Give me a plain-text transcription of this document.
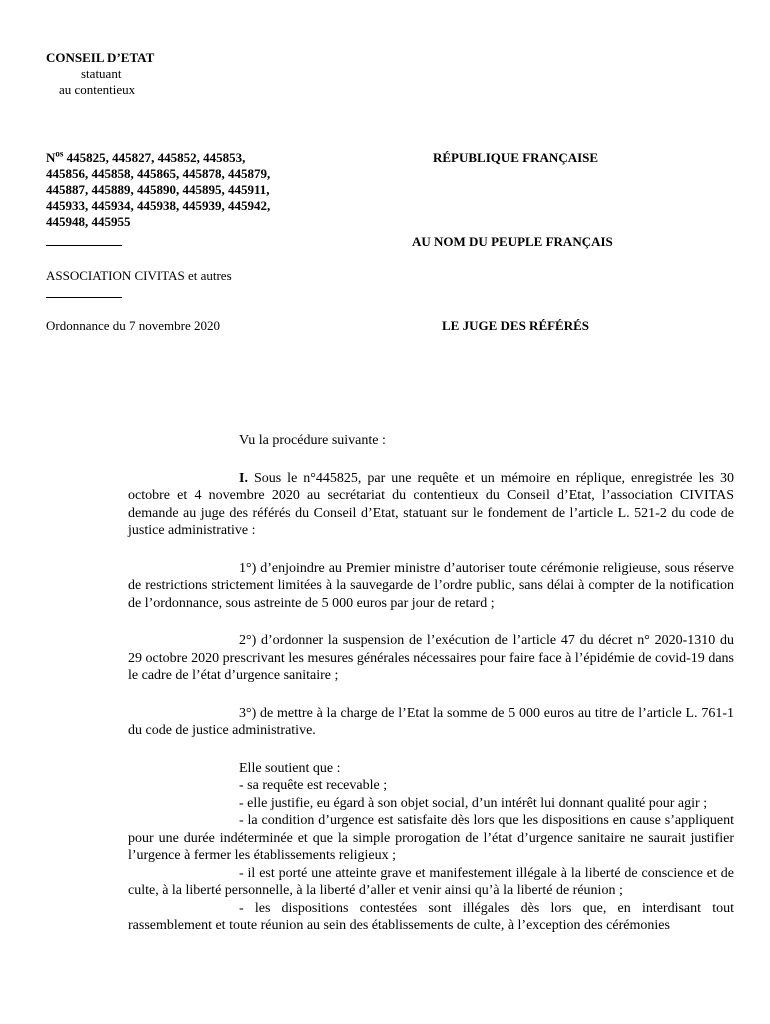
CONSEIL D’ETAT
statuant
au contentieux
$N^{os}$ 445825, 445827, 445852, 445853,
445856, 445858, 445865, 445878, 445879,
445887, 445889, 445890, 445895, 445911,
445933, 445934, 445938, 445939, 445942,
445948, 445955
ASSOCIATION CIVITAS et autres
Ordonnance du 7 novembre 2020
RÉPUBLIQUE FRANÇAISE
AU NOM DU PEUPLE FRANÇAIS
LE JUGE DES RÉFÉRÉS

Vu la procédure suivante :

I. Sous le n°445825, par une requête et un mémoire en réplique, enregistrée les 30 octobre et 4 novembre 2020 au secrétariat du contentieux du Conseil d’Etat, l’association CIVITAS demande au juge des référés du Conseil d’Etat, statuant sur le fondement de l’article L. 521-2 du code de justice administrative :

1°) d’enjoindre au Premier ministre d’autoriser toute cérémonie religieuse, sous réserve de restrictions strictement limitées à la sauvegarde de l’ordre public, sans délai à compter de la notification de l’ordonnance, sous astreinte de 5 000 euros par jour de retard ;

2°) d’ordonner la suspension de l’exécution de l’article 47 du décret n° 2020-1310 du 29 octobre 2020 prescrivant les mesures générales nécessaires pour faire face à l’épidémie de covid-19 dans le cadre de l’état d’urgence sanitaire ;

3°) de mettre à la charge de l’Etat la somme de 5 000 euros au titre de l’article L. 761-1 du code de justice administrative.

Elle soutient que :

- sa requête est recevable ;

- elle justifie, eu égard à son objet social, d’un intérêt lui donnant qualité pour agir ;

- la condition d’urgence est satisfaite dès lors que les dispositions en cause s’appliquent pour une durée indéterminée et que la simple prorogation de l’état d’urgence sanitaire ne saurait justifier l’urgence à fermer les établissements religieux ;

- il est porté une atteinte grave et manifestement illégale à la liberté de conscience et de culte, à la liberté personnelle, à la liberté d’aller et venir ainsi qu’à la liberté de réunion ;

- les dispositions contestées sont illégales dès lors que, en interdisant tout rassemblement et toute réunion au sein des établissements de culte, à l’exception des cérémonies
